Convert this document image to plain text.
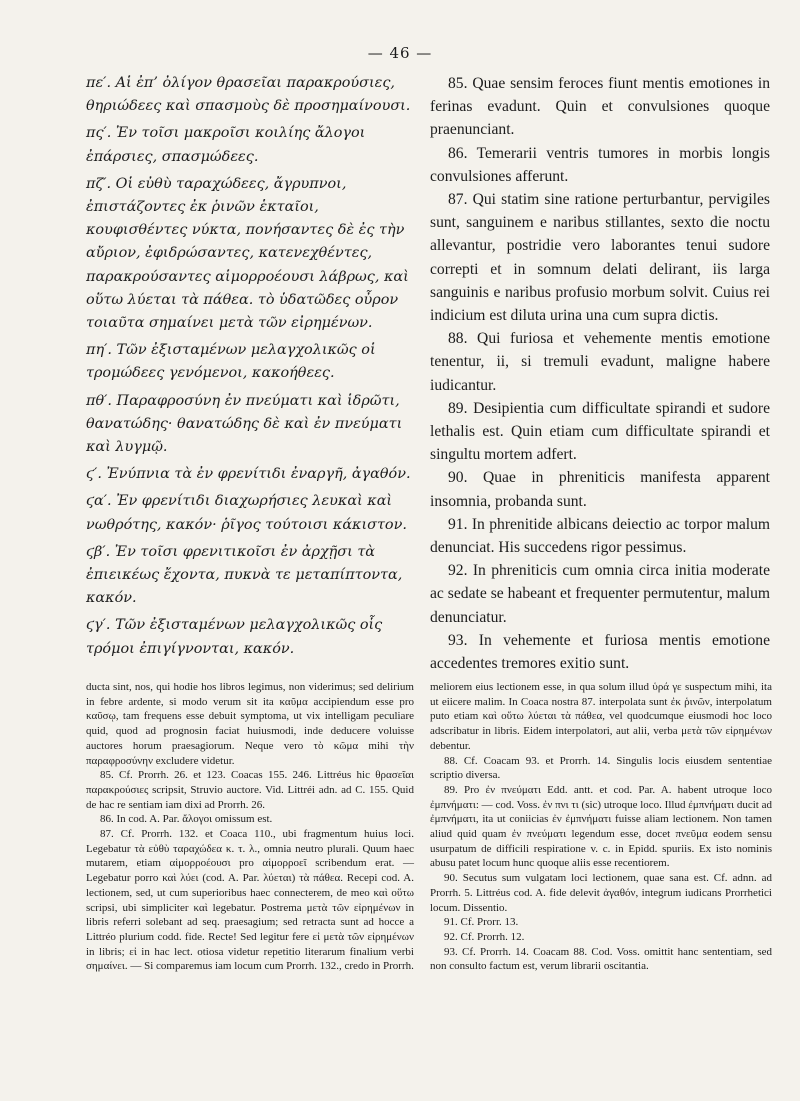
— 46 —

πε′. Αἱ ἐπ’ ὀλίγον θρασεῖαι παρακρούσιες, θηριώδεες καὶ σπασμοὺς δὲ προσημαίνουσι.

πς′. Ἐν τοῖσι μακροῖσι κοιλίης ἄλογοι ἐπάρσιες, σπασμώδεες.

πζ′. Οἱ εὐθὺ ταραχώδεες, ἄγρυπνοι, ἐπιστάζοντες ἐκ ῥινῶν ἑκταῖοι, κουφισθέντες νύκτα, πονήσαντες δὲ ἐς τὴν αὔριον, ἐφιδρώσαντες, κατενεχθέντες, παρακρούσαντες αἱμορροέουσι λάβρως, καὶ οὕτω λύεται τὰ πάθεα. τὸ ὑδατῶδες οὖρον τοιαῦτα σημαίνει μετὰ τῶν εἰρημένων.

πη′. Τῶν ἐξισταμένων μελαγχολικῶς οἱ τρομώδεες γενόμενοι, κακοήθεες.

πθ′. Παραφροσύνη ἐν πνεύματι καὶ ἱδρῶτι, θανατώδης· θανατώδης δὲ καὶ ἐν πνεύματι καὶ λυγμῷ.

ϛ′. Ἐνύπνια τὰ ἐν φρενίτιδι ἐναργῆ, ἀγαθόν.

ϛα′. Ἐν φρενίτιδι διαχωρήσιες λευκαὶ καὶ νωθρότης, κακόν· ῥῖγος τούτοισι κάκιστον.

ϛβ′. Ἐν τοῖσι φρενιτικοῖσι ἐν ἀρχῇσι τὰ ἐπιεικέως ἔχοντα, πυκνὰ τε μεταπίπτοντα, κακόν.

ϛγ′. Τῶν ἐξισταμένων μελαγχολικῶς οἷς τρόμοι ἐπιγίγνονται, κακόν.

85. Quae sensim feroces fiunt mentis emotiones in ferinas evadunt. Quin et convulsiones quoque praenunciant.

86. Temerarii ventris tumores in morbis longis convulsiones afferunt.

87. Qui statim sine ratione perturbantur, pervigiles sunt, sanguinem e naribus stillantes, sexto die noctu allevantur, postridie vero laborantes tenui sudore correpti et in somnum delati delirant, iis larga sanguinis e naribus profusio morbum solvit. Cuius rei indicium est diluta urina una cum supra dictis.

88. Qui furiosa et vehemente mentis emotione tenentur, ii, si tremuli evadunt, maligne habere iudicantur.

89. Desipientia cum difficultate spirandi et sudore lethalis est. Quin etiam cum difficultate spirandi et singultu mortem adfert.

90. Quae in phreniticis manifesta apparent insomnia, probanda sunt.

91. In phrenitide albicans deiectio ac torpor malum denunciat. His succedens rigor pessimus.

92. In phreniticis cum omnia circa initia moderate ac sedate se habeant et frequenter permutentur, malum denunciatur.

93. In vehemente et furiosa mentis emotione accedentes tremores exitio sunt.

ducta sint, nos, qui hodie hos libros legimus, non viderimus; sed delirium in febre ardente, si modo verum sit ita καῦμα accipiendum esse pro καῦσῳ, tam frequens esse debuit symptoma, ut vix intelligam peculiare quid, quod ad prognosin faciat huiusmodi, inde deducere voluisse auctores horum praesagiorum. Neque vero τὸ κῶμα mihi τὴν παραφροσύνην excludere videtur.

85. Cf. Prorrh. 26. et 123. Coacas 155. 246. Littréus hic θρασεῖαι παρακρούσιες scripsit, Struvio auctore. Vid. Littréi adn. ad C. 155. Quid de hac re sentiam iam dixi ad Prorrh. 26.

86. In cod. A. Par. ἄλογοι omissum est.

87. Cf. Prorrh. 132. et Coaca 110., ubi fragmentum huius loci. Legebatur τὰ εὐθὺ ταραχώδεα κ. τ. λ., omnia neutro plurali. Quum haec mutarem, etiam αἱμορροέουσι pro αἱμορροεῖ scribendum erat. — Legebatur porro καὶ λύει (cod. A. Par. λύεται) τὰ πάθεα. Recepi cod. A. lectionem, sed, ut cum superioribus haec connecterem, de meo καὶ οὕτω scripsi, ubi simpliciter καὶ legebatur. Postrema μετὰ τῶν εἰρημένων in libris referri solebant ad seq. praesagium; sed retracta sunt ad hocce a Littréo plurium codd. fide. Recte! Sed legitur fere εἰ μετὰ τῶν εἰρημένων in libris; εἰ in hac lect. otiosa videtur repetitio literarum finalium verbi σημαίνει. — Si comparemus iam locum cum Prorrh. 132., credo in Prorrh.

meliorem eius lectionem esse, in qua solum illud ὑρά γε suspectum mihi, ita ut eiicere malim. In Coaca nostra 87. interpolata sunt ἐκ ῥινῶν, interpolatum puto etiam καὶ οὕτω λύεται τὰ πάθεα, vel quodcumque eiusmodi hoc loco adscribatur in libris. Eidem interpolatori, aut alii, verba μετὰ τῶν εἰρημένων debentur.

88. Cf. Coacam 93. et Prorrh. 14. Singulis locis eiusdem sententiae scriptio diversa.

89. Pro ἐν πνεύματι Edd. antt. et cod. Par. A. habent utroque loco ἐμπνήματι: — cod. Voss. ἐν πνι τι (sic) utroque loco. Illud ἐμπνήματι ducit ad ἐμπνήματι, ita ut coniicias ἐν ἐμπνήματι fuisse aliam lectionem. Non tamen aliud quid quam ἐν πνεύματι legendum esse, docet πνεῦμα eodem sensu usurpatum de difficili respiratione v. c. in Epidd. spuriis. Ex isto nominis abusu patet locum hunc quoque aliis esse recentiorem.

90. Secutus sum vulgatam loci lectionem, quae sana est. Cf. adnn. ad Prorrh. 5. Littréus cod. A. fide delevit ἀγαθόν, integrum iudicans Prorrhetici locum. Dissentio.

91. Cf. Prorr. 13.

92. Cf. Prorrh. 12.

93. Cf. Prorrh. 14. Coacam 88. Cod. Voss. omittit hanc sententiam, sed non consulto factum est, verum librarii oscitantia.
